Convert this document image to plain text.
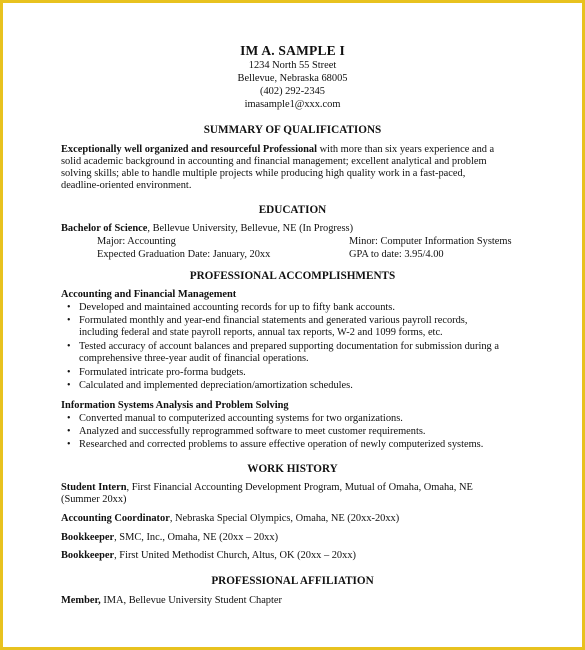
IM A. SAMPLE I
1234 North 55 Street
Bellevue, Nebraska 68005
(402) 292-2345
imasample1@xxx.com
SUMMARY OF QUALIFICATIONS
Exceptionally well organized and resourceful Professional with more than six years experience and a
solid academic background in accounting and financial management; excellent analytical and problem
solving skills; able to handle multiple projects while producing high quality work in a fast-paced,
deadline-oriented environment.
EDUCATION
Bachelor of Science, Bellevue University, Bellevue, NE (In Progress)
Major: Accounting	Minor: Computer Information Systems
Expected Graduation Date: January, 20xx	GPA to date: 3.95/4.00
PROFESSIONAL ACCOMPLISHMENTS
Accounting and Financial Management
• Developed and maintained accounting records for up to fifty bank accounts.
• Formulated monthly and year-end financial statements and generated various payroll records,
including federal and state payroll reports, annual tax reports, W-2 and 1099 forms, etc.
• Tested accuracy of account balances and prepared supporting documentation for submission during a
comprehensive three-year audit of financial operations.
• Formulated intricate pro-forma budgets.
• Calculated and implemented depreciation/amortization schedules.
Information Systems Analysis and Problem Solving
• Converted manual to computerized accounting systems for two organizations.
• Analyzed and successfully reprogrammed software to meet customer requirements.
• Researched and corrected problems to assure effective operation of newly computerized systems.
WORK HISTORY
Student Intern, First Financial Accounting Development Program, Mutual of Omaha, Omaha, NE
(Summer 20xx)
Accounting Coordinator, Nebraska Special Olympics, Omaha, NE (20xx-20xx)
Bookkeeper, SMC, Inc., Omaha, NE (20xx – 20xx)
Bookkeeper, First United Methodist Church, Altus, OK (20xx – 20xx)
PROFESSIONAL AFFILIATION
Member, IMA, Bellevue University Student Chapter
